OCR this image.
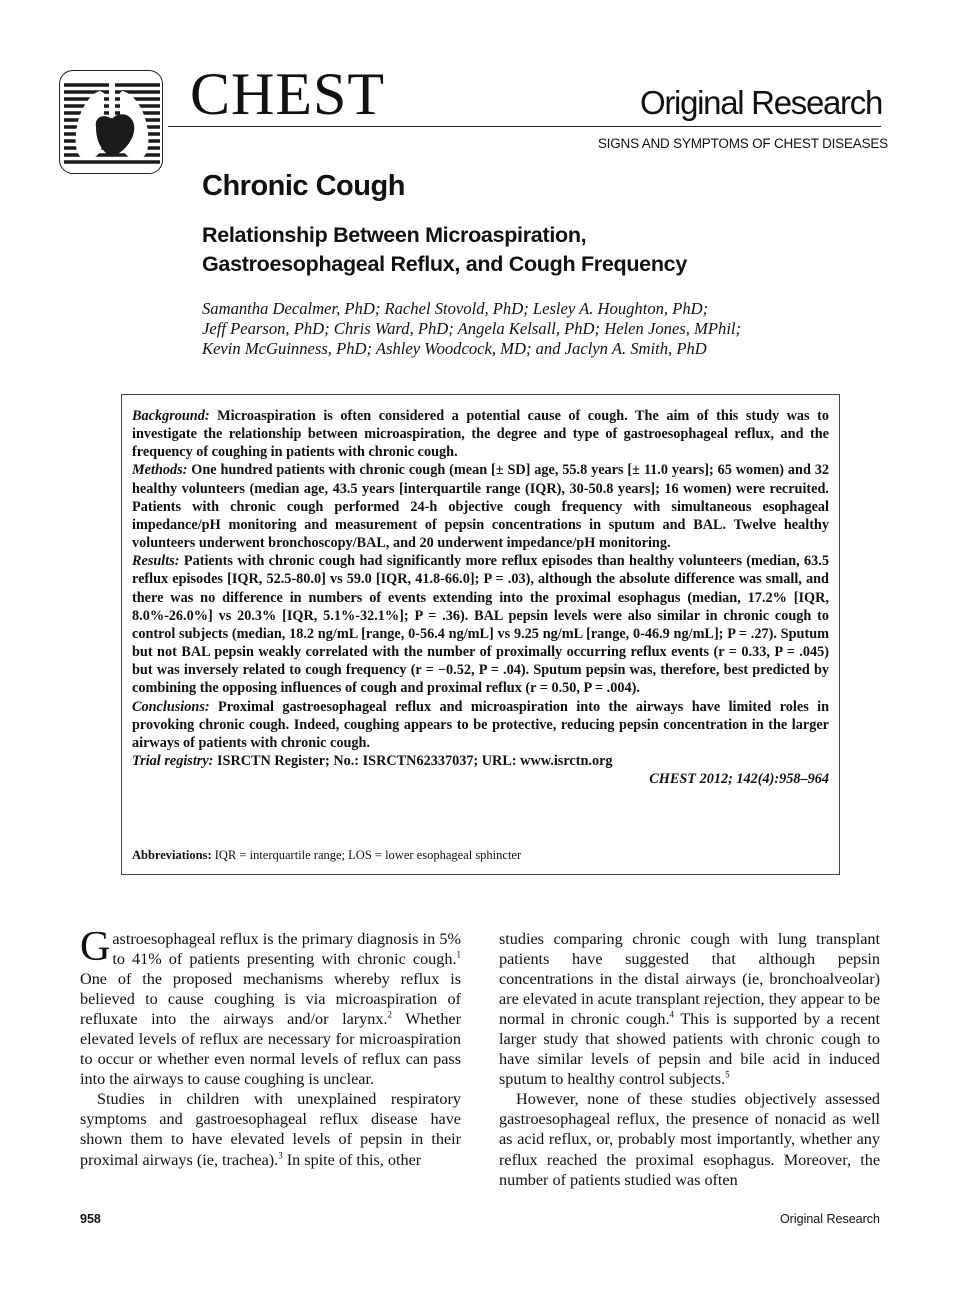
CHEST	Original Research
SIGNS AND SYMPTOMS OF CHEST DISEASES
Chronic Cough
Relationship Between Microaspiration,
Gastroesophageal Reflux, and Cough Frequency
Samantha Decalmer, PhD; Rachel Stovold, PhD; Lesley A. Houghton, PhD;
Jeff Pearson, PhD; Chris Ward, PhD; Angela Kelsall, PhD; Helen Jones, MPhil;
Kevin McGuinness, PhD; Ashley Woodcock, MD; and Jaclyn A. Smith, PhD
Background: Microaspiration is often considered a potential cause of cough. The aim of this study was to investigate the relationship between microaspiration, the degree and type of gastroesophageal reflux, and the frequency of coughing in patients with chronic cough.
Methods: One hundred patients with chronic cough (mean [± SD] age, 55.8 years [± 11.0 years]; 65 women) and 32 healthy volunteers (median age, 43.5 years [interquartile range (IQR), 30-50.8 years]; 16 women) were recruited. Patients with chronic cough performed 24-h objective cough frequency with simultaneous esophageal impedance/pH monitoring and measurement of pepsin concentrations in sputum and BAL. Twelve healthy volunteers underwent bronchoscopy/BAL, and 20 underwent impedance/pH monitoring.
Results: Patients with chronic cough had significantly more reflux episodes than healthy volunteers (median, 63.5 reflux episodes [IQR, 52.5-80.0] vs 59.0 [IQR, 41.8-66.0]; P = .03), although the absolute difference was small, and there was no difference in numbers of events extending into the proximal esophagus (median, 17.2% [IQR, 8.0%-26.0%] vs 20.3% [IQR, 5.1%-32.1%]; P = .36). BAL pepsin levels were also similar in chronic cough to control subjects (median, 18.2 ng/mL [range, 0-56.4 ng/mL] vs 9.25 ng/mL [range, 0-46.9 ng/mL]; P = .27). Sputum but not BAL pepsin weakly correlated with the number of proximally occurring reflux events (r = 0.33, P = .045) but was inversely related to cough frequency (r = −0.52, P = .04). Sputum pepsin was, therefore, best predicted by combining the opposing influences of cough and proximal reflux (r = 0.50, P = .004).
Conclusions: Proximal gastroesophageal reflux and microaspiration into the airways have limited roles in provoking chronic cough. Indeed, coughing appears to be protective, reducing pepsin concentration in the larger airways of patients with chronic cough.
Trial registry: ISRCTN Register; No.: ISRCTN62337037; URL: www.isrctn.org
CHEST 2012; 142(4):958–964
Abbreviations: IQR = interquartile range; LOS = lower esophageal sphincter

Gastroesophageal reflux is the primary diagnosis in 5% to 41% of patients presenting with chronic cough.$^1$ One of the proposed mechanisms whereby reflux is believed to cause coughing is via microaspiration of refluxate into the airways and/or larynx.$^2$ Whether elevated levels of reflux are necessary for microaspiration to occur or whether even normal levels of reflux can pass into the airways to cause coughing is unclear.

Studies in children with unexplained respiratory symptoms and gastroesophageal reflux disease have shown them to have elevated levels of pepsin in their proximal airways (ie, trachea).$^3$ In spite of this, other

studies comparing chronic cough with lung transplant patients have suggested that although pepsin concentrations in the distal airways (ie, bronchoalveolar) are elevated in acute transplant rejection, they appear to be normal in chronic cough.$^4$ This is supported by a recent larger study that showed patients with chronic cough to have similar levels of pepsin and bile acid in induced sputum to healthy control subjects.$^5$

However, none of these studies objectively assessed gastroesophageal reflux, the presence of nonacid as well as acid reflux, or, probably most importantly, whether any reflux reached the proximal esophagus. Moreover, the number of patients studied was often

958	Original Research
